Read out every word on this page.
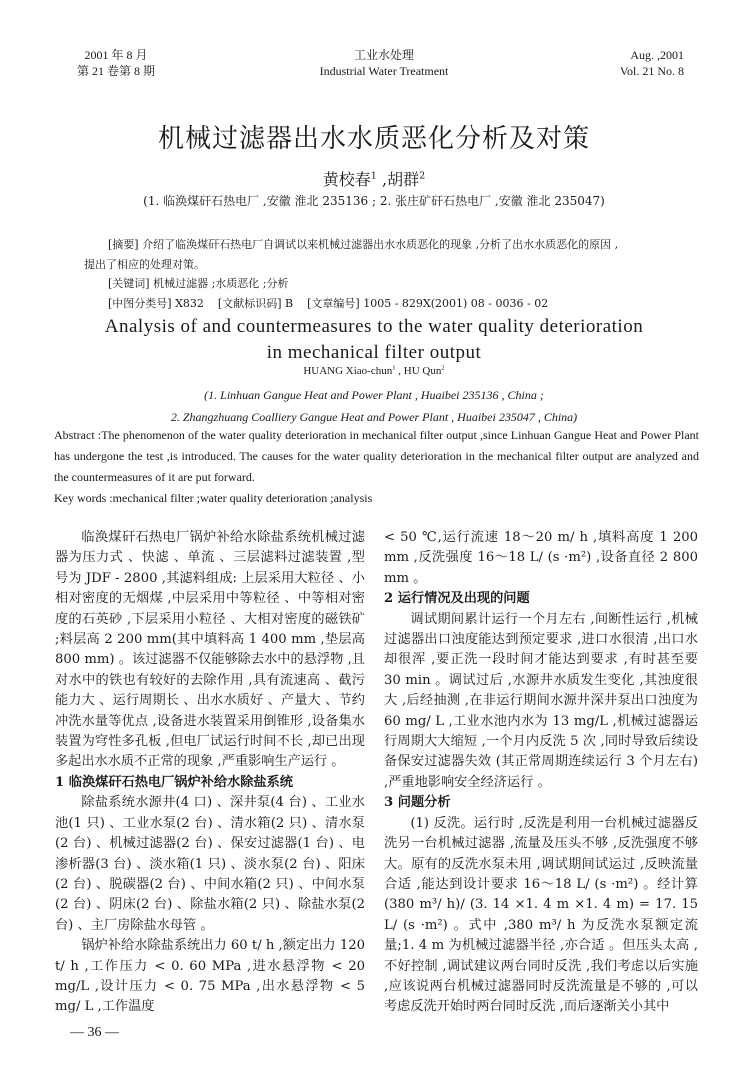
2001 年 8 月
第 21 卷第 8 期
工业水处理
Industrial Water Treatment
Aug. ,2001
Vol. 21 No. 8
机械过滤器出水水质恶化分析及对策
黄校春$^1$ ,胡群$^2$
(1. 临涣煤矸石热电厂 ,安徽 淮北 235136 ; 2. 张庄矿矸石热电厂 ,安徽 淮北 235047)
[摘要] 介绍了临涣煤矸石热电厂自调试以来机械过滤器出水水质恶化的现象 ,分析了出水水质恶化的原因 ,
提出了相应的处理对策。
[关键词] 机械过滤器 ;水质恶化 ;分析
[中图分类号] X832 [文献标识码] B [文章编号] 1005 - 829X(2001) 08 - 0036 - 02
Analysis of and countermeasures to the water quality deterioration
in mechanical filter output
HUANG Xiao-chun$^1$ , HU Qun$^2$
(1. Linhuan Gangue Heat and Power Plant , Huaibei 235136 , China ;
2. Zhangzhuang Coalliery Gangue Heat and Power Plant , Huaibei 235047 , China)
Abstract :The phenomenon of the water quality deterioration in mechanical filter output ,since Linhuan Gangue Heat and Power Plant has undergone the test ,is introduced. The causes for the water quality deterioration in the mechanical filter output are analyzed and the countermeasures of it are put forward.
Key words :mechanical filter ;water quality deterioration ;analysis

临涣煤矸石热电厂锅炉补给水除盐系统机械过滤器为压力式 、快滤 、单流 、三层滤料过滤装置 ,型号为 JDF - 2800 ,其滤料组成: 上层采用大粒径 、小相对密度的无烟煤 ,中层采用中等粒径 、中等相对密度的石英砂 ,下层采用小粒径 、大相对密度的磁铁矿 ;料层高 2 200 mm(其中填料高 1 400 mm ,垫层高 800 mm) 。该过滤器不仅能够除去水中的悬浮物 ,且对水中的铁也有较好的去除作用 ,具有流速高 、截污能力大 、运行周期长 、出水水质好 、产量大 、节约冲洗水量等优点 ,设备进水装置采用倒锥形 ,设备集水装置为穹性多孔板 ,但电厂试运行时间不长 ,却已出现多起出水水质不正常的现象 ,严重影响生产运行 。

1 临涣煤矸石热电厂锅炉补给水除盐系统

除盐系统水源井(4 口) 、深井泵(4 台) 、工业水池(1 只) 、工业水泵(2 台) 、清水箱(2 只) 、清水泵(2 台) 、机械过滤器(2 台) 、保安过滤器(1 台) 、电渗析器(3 台) 、淡水箱(1 只) 、淡水泵(2 台) 、阳床(2 台) 、脱碳器(2 台) 、中间水箱(2 只) 、中间水泵(2 台) 、阴床(2 台) 、除盐水箱(2 只) 、除盐水泵(2 台) 、主厂房除盐水母管 。

锅炉补给水除盐系统出力 60 t/ h ,额定出力 120 t/ h ,工作压力 < 0. 60 MPa ,进水悬浮物 < 20 mg/L ,设计压力 < 0. 75 MPa ,出水悬浮物 < 5 mg/ L ,工作温度

< 50 ℃,运行流速 18～20 m/ h ,填料高度 1 200 mm ,反洗强度 16～18 L/ (s ·m²) ,设备直径 2 800 mm 。

2 运行情况及出现的问题

调试期间累计运行一个月左右 ,间断性运行 ,机械过滤器出口浊度能达到预定要求 ,进口水很清 ,出口水却很浑 ,要正洗一段时间才能达到要求 ,有时甚至要 30 min 。调试过后 ,水源井水质发生变化 ,其浊度很大 ,后经抽测 ,在非运行期间水源井深井泵出口浊度为 60 mg/ L ,工业水池内水为 13 mg/L ,机械过滤器运行周期大大缩短 ,一个月内反洗 5 次 ,同时导致后续设备保安过滤器失效 (其正常周期连续运行 3 个月左右) ,严重地影响安全经济运行 。

3 问题分析

(1) 反洗。运行时 ,反洗是利用一台机械过滤器反洗另一台机械过滤器 ,流量及压头不够 ,反洗强度不够大。原有的反洗水泵未用 ,调试期间试运过 ,反映流量合适 ,能达到设计要求 16～18 L/ (s ·m²) 。经计算(380 m³/ h)/ (3. 14 ×1. 4 m ×1. 4 m) = 17. 15 L/ (s ·m²) 。式中 ,380 m³/ h 为反洗水泵额定流量;1. 4 m 为机械过滤器半径 ,亦合适 。但压头太高 ,不好控制 ,调试建议两台同时反洗 ,我们考虑以后实施 ,应该说两台机械过滤器同时反洗流量是不够的 ,可以考虑反洗开始时两台同时反洗 ,而后逐渐关小其中

— 36 —
